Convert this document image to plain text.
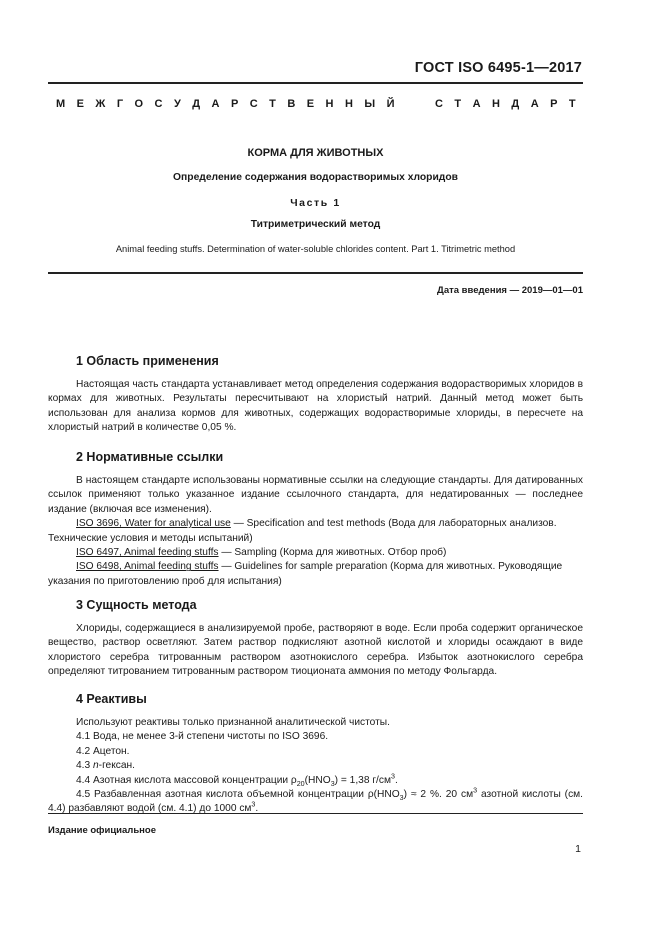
ГОСТ ISO 6495-1—2017
М Е Ж Г О С У Д А Р С Т В Е Н Н Ы Й

	С Т А Н Д А Р Т
КОРМА ДЛЯ ЖИВОТНЫХ
Определение содержания водорастворимых хлоридов
Часть 1
Титриметрический метод
Animal feeding stuffs. Determination of water-soluble chlorides content. Part 1. Titrimetric method
Дата введения — 2019—01—01
1 Область применения

Настоящая часть стандарта устанавливает метод определения содержания водорастворимых хлоридов в кормах для животных. Результаты пересчитывают на хлористый натрий. Данный метод может быть использован для анализа кормов для животных, содержащих водорастворимые хлориды, в пересчете на хлористый натрий в количестве 0,05 %.

2 Нормативные ссылки

В настоящем стандарте использованы нормативные ссылки на следующие стандарты. Для датированных ссылок применяют только указанное издание ссылочного стандарта, для недатированных — последнее издание (включая все изменения).

ISO 3696, Water for analytical use — Specification and test methods (Вода для лабораторных анализов. Технические условия и методы испытаний)

ISO 6497, Animal feeding stuffs — Sampling (Корма для животных. Отбор проб)

ISO 6498, Animal feeding stuffs — Guidelines for sample preparation (Корма для животных. Руководящие указания по приготовлению проб для испытания)

3 Сущность метода

Хлориды, содержащиеся в анализируемой пробе, растворяют в воде. Если проба содержит органическое вещество, раствор осветляют. Затем раствор подкисляют азотной кислотой и хлориды осаждают в виде хлористого серебра титрованным раствором азотнокислого серебра. Избыток азотнокислого серебра определяют титрованием титрованным раствором тиоционата аммония по методу Фольгарда.

4 Реактивы

Используют реактивы только признанной аналитической чистоты.

4.1 Вода, не менее 3-й степени чистоты по ISO 3696.

4.2 Ацетон.

4.3 n-гексан.

4.4 Азотная кислота массовой концентрации $\rho_{20}(HNO_3) = 1,38$ $г/см^3$.

4.5 Разбавленная азотная кислота объемной концентрации $\rho(HNO_3) \approx 2$ %. 20 $см^3$ азотной кислоты (см. 4.4) разбавляют водой (см. 4.1) до 1000 $см^3$.

Издание официальное
1
